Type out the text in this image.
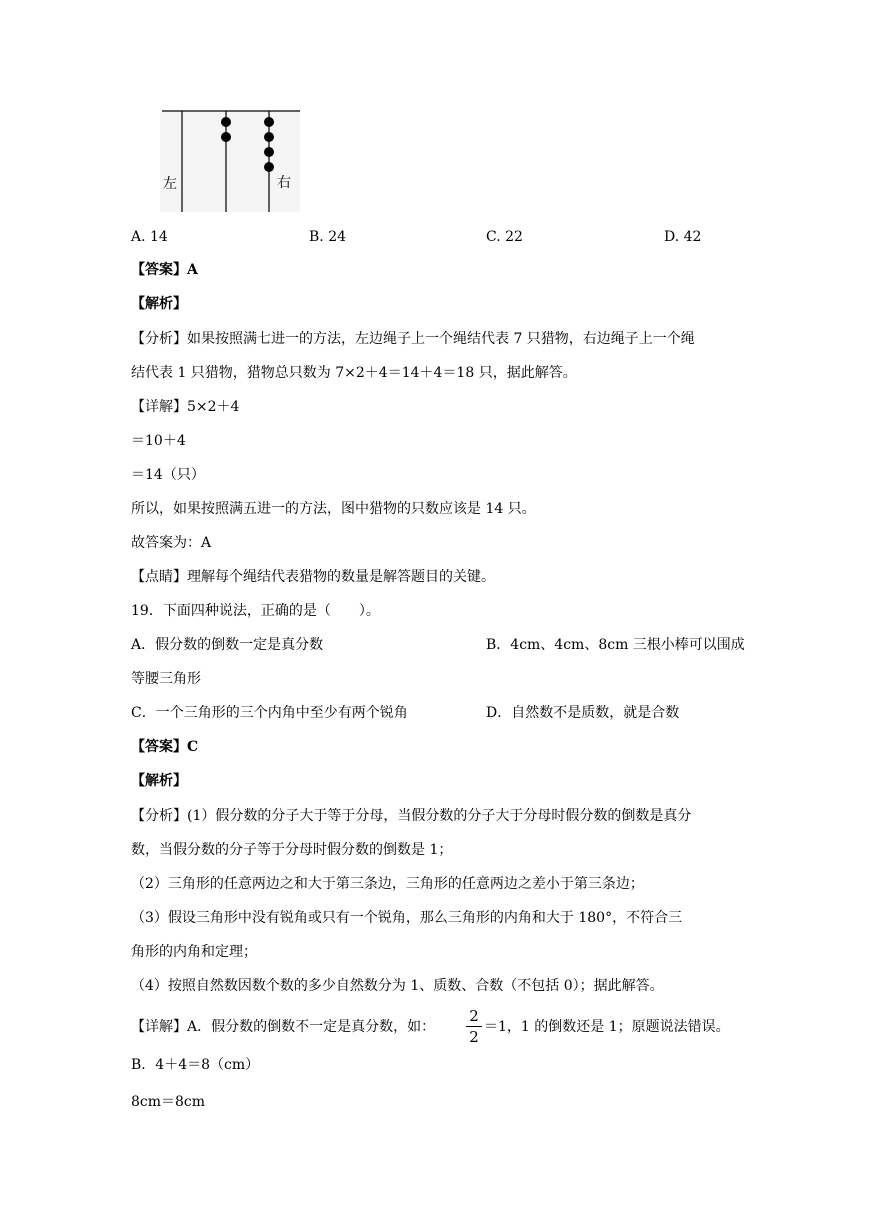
左	右
A. 14	B. 24	C. 22	D. 42
【答案】A
【解析】
【分析】如果按照满七进一的方法，左边绳子上一个绳结代表 7 只猎物，右边绳子上一个绳
结代表 1 只猎物，猎物总只数为 7×2＋4＝14＋4＝18 只，据此解答。
【详解】5×2＋4
＝10＋4
＝14（只）
所以，如果按照满五进一的方法，图中猎物的只数应该是 14 只。
故答案为：A
【点睛】理解每个绳结代表猎物的数量是解答题目的关键。
19．下面四种说法，正确的是（　　）。
A．假分数的倒数一定是真分数	B．4cm、4cm、8cm 三根小棒可以围成
等腰三角形
C．一个三角形的三个内角中至少有两个锐角	D．自然数不是质数，就是合数
【答案】C
【解析】
【分析】(1）假分数的分子大于等于分母，当假分数的分子大于分母时假分数的倒数是真分
数，当假分数的分子等于分母时假分数的倒数是 1；
（2）三角形的任意两边之和大于第三条边，三角形的任意两边之差小于第三条边；
（3）假设三角形中没有锐角或只有一个锐角，那么三角形的内角和大于 180°，不符合三
角形的内角和定理；
（4）按照自然数因数个数的多少自然数分为 1、质数、合数（不包括 0）；据此解答。
【详解】A．假分数的倒数不一定是真分数，如：
2
2
＝1，1 的倒数还是 1；原题说法错误。
B．4＋4＝8（cm）
8cm＝8cm
